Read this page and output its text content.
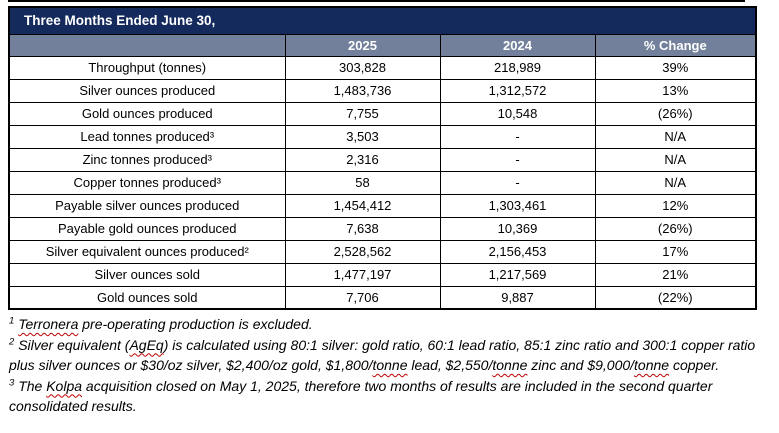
Three Months Ended June 30,			
	2025	2024	% Change
Throughput (tonnes)	303,828	218,989	39%
Silver ounces produced	1,483,736	1,312,572	13%
Gold ounces produced	7,755	10,548	(26%)
Lead tonnes produced³	3,503	-	N/A
Zinc tonnes produced³	2,316	-	N/A
Copper tonnes produced³	58	-	N/A
Payable silver ounces produced	1,454,412	1,303,461	12%
Payable gold ounces produced	7,638	10,369	(26%)
Silver equivalent ounces produced²	2,528,562	2,156,453	17%
Silver ounces sold	1,477,197	1,217,569	21%
Gold ounces sold	7,706	9,887	(22%)
$^1$ Terronera pre-operating production is excluded.
$^2$ Silver equivalent (AgEq) is calculated using 80:1 silver: gold ratio, 60:1 lead ratio, 85:1 zinc ratio and 300:1 copper ratio plus silver ounces or $30/oz silver, $2,400/oz gold, $1,800/tonne lead, $2,550/tonne zinc and $9,000/tonne copper.
$^3$ The Kolpa acquisition closed on May 1, 2025, therefore two months of results are included in the second quarter consolidated results.
